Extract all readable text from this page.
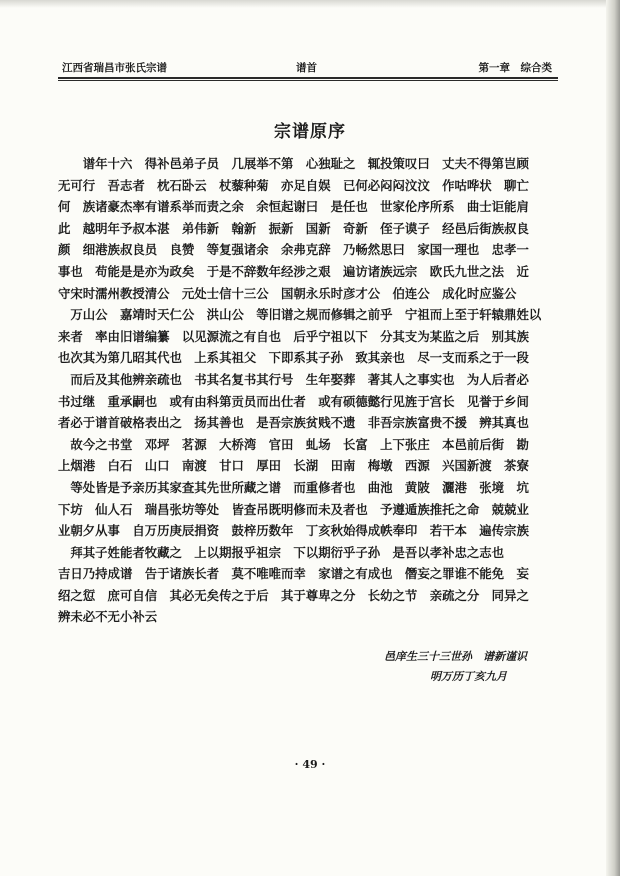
江西省瑞昌市张氏宗谱	谱首	第一章　综合类
宗谱原序
　　谱年十六　得补邑弟子员　几展举不第　心独耻之　辄投策叹曰　丈夫不得第岂顾
无可行　吾志者　枕石卧云　杖藜种菊　亦足自娱　已何必闷闷汶汶　作咕哗状　聊亡
何　族诸豪杰率有谱系举而责之余　余恒起谢曰　是任也　世家伦序所系　曲士讵能肩
此　越明年予叔本湛　弟伟新　翰新　振新　国新　奇新　侄子谟子　经邑后街族叔良
颜　细港族叔良员　良赞　等复强诸余　余弗克辞　乃畅然思曰　家国一理也　忠孝一
事也　苟能是是亦为政矣　于是不辞数年经涉之艰　遍访诸族远宗　欧氏九世之法　近
守宋时濡州教授清公　元处士信十三公　国朝永乐时彦才公　伯连公　成化时应鉴公
　万山公　嘉靖时天仁公　洪山公　等旧谱之规而修辑之前乎　宁祖而上至于轩辕鼎姓以
来者　率由旧谱编纂　以见源流之有自也　后乎宁祖以下　分其支为某监之后　别其族
也次其为第几昭其代也　上系其祖父　下即系其子孙　致其亲也　尽一支而系之于一段
　而后及其他辨亲疏也　书其名复书其行号　生年娶葬　著其人之事实也　为人后者必
书过继　重承嗣也　或有由科第贡员而出仕者　或有硕德懿行见旌于宫长　见誉于乡间
者必于谱首破格表出之　扬其善也　是吾宗族贫贱不遗　非吾宗族富贵不援　辨其真也
　故今之书堂　邓坪　茗源　大桥湾　官田　虬场　长富　上下张庄　本邑前后街　勘
上烟港　白石　山口　南渡　甘口　厚田　长湖　田南　梅墩　西源　兴国新渡　茶寮
　等处皆是予亲历其家查其先世所藏之谱　而重修者也　曲池　黄陂　灑港　张境　坑
下坊　仙人石　瑞昌张坊等处　皆查吊既明修而未及者也　予遵遁族推托之命　兢兢业
业朝夕从事　自万历庚辰捐资　鼓梓历数年　丁亥秋始得成帙奉印　若干本　遍传宗族
　拜其子姓能者牧藏之　上以期报乎祖宗　下以期衍乎子孙　是吾以孝补忠之志也
吉日乃持成谱　告于诸族长者　莫不唯唯而幸　家谱之有成也　僭妄之罪谁不能免　妄
绍之愆　庶可自信　其必无矣传之于后　其于尊卑之分　长幼之节　亲疏之分　同异之
辨未必不无小补云
邑庠生三十三世孙　谱新谨识
明万历丁亥九月
· 49 ·
